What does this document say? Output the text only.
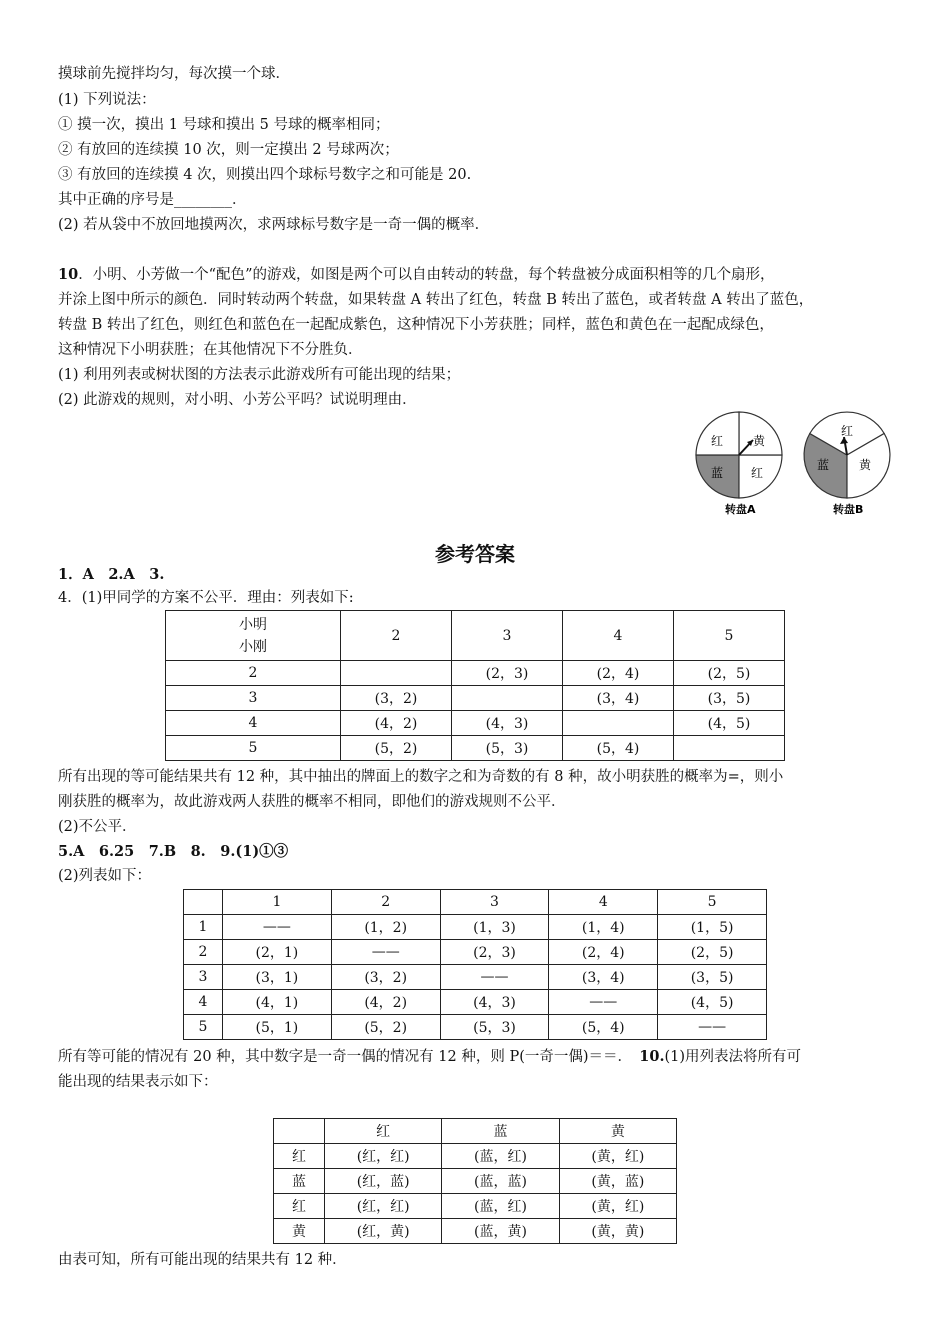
摸球前先搅拌均匀，每次摸一个球．
(1) 下列说法：
① 摸一次，摸出 1 号球和摸出 5 号球的概率相同；
② 有放回的连续摸 10 次，则一定摸出 2 号球两次；
③ 有放回的连续摸 4 次，则摸出四个球标号数字之和可能是 20.
其中正确的序号是________．
(2) 若从袋中不放回地摸两次，求两球标号数字是一奇一偶的概率．
10．小明、小芳做一个“配色”的游戏，如图是两个可以自由转动的转盘，每个转盘被分成面积相等的几个扇形，
并涂上图中所示的颜色．同时转动两个转盘，如果转盘 A 转出了红色，转盘 B 转出了蓝色，或者转盘 A 转出了蓝色，
转盘 B 转出了红色，则红色和蓝色在一起配成紫色，这种情况下小芳获胜；同样，蓝色和黄色在一起配成绿色，
这种情况下小明获胜；在其他情况下不分胜负．
(1) 利用列表或树状图的方法表示此游戏所有可能出现的结果；
(2) 此游戏的规则，对小明、小芳公平吗？试说明理由．
红 黄
红
蓝
转盘A
红
黄
蓝
转盘B
参考答案
1．A　2.A　3.
4．(1)甲同学的方案不公平．理由：列表如下:
小明
小刚	2	3	4	5
2		(2，3)	(2，4)	(2，5)
3	(3，2)		(3，4)	(3，5)
4	(4，2)	(4，3)		(4，5)
5	(5，2)	(5，3)	(5，4)	
所有出现的等可能结果共有 12 种，其中抽出的牌面上的数字之和为奇数的有 8 种，故小明获胜的概率为=，则小
刚获胜的概率为，故此游戏两人获胜的概率不相同，即他们的游戏规则不公平．
(2)不公平．
5.A　6.25　7.B　8.　9.(1)①③
(2)列表如下：
	1	2	3	4	5
1	——	(1，2)	(1，3)	(1，4)	(1，5)
2	(2，1)	——	(2，3)	(2，4)	(2，5)
3	(3，1)	(3，2)	——	(3，4)	(3，5)
4	(4，1)	(4，2)	(4，3)	——	(4，5)
5	(5，1)	(5，2)	(5，3)	(5，4)	——
所有等可能的情况有 20 种，其中数字是一奇一偶的情况有 12 种，则 P(一奇一偶)＝＝．　 10.(1)用列表法将所有可
能出现的结果表示如下：
	红	蓝	黄
红	(红，红)	(蓝，红)	(黄，红)
蓝	(红，蓝)	(蓝，蓝)	(黄，蓝)
红	(红，红)	(蓝，红)	(黄，红)
黄	(红，黄)	(蓝，黄)	(黄，黄)
由表可知，所有可能出现的结果共有 12 种．
